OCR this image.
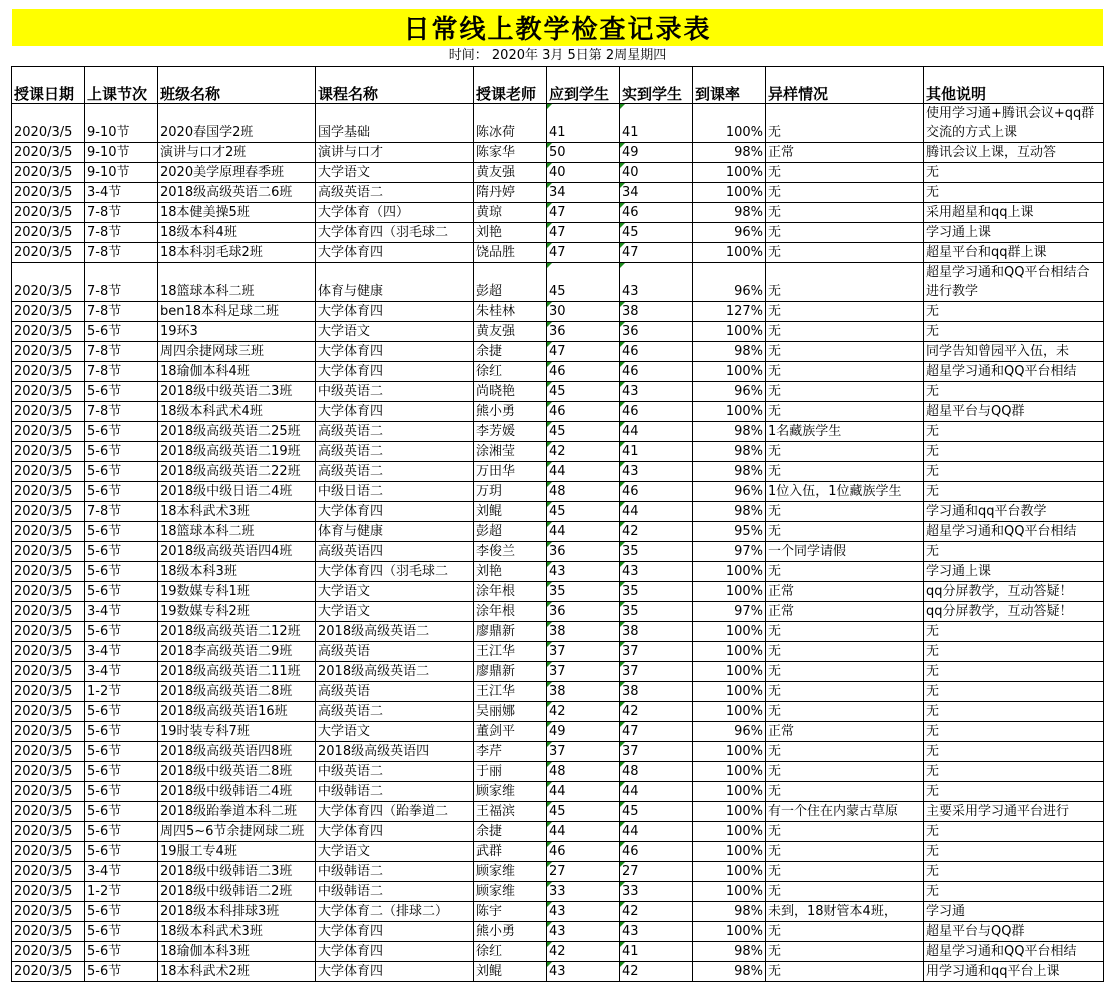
日常线上教学检查记录表
时间： 2020年 3月 5日第 2周星期四
授课日期	上课节次	班级名称	课程名称	授课老师	应到学生	实到学生	到课率	异样情况	其他说明
2020/3/5	9-10节	2020春国学2班	国学基础	陈冰荷	41	41	100%	无	使用学习通+腾讯会议+qq群交流的方式上课
2020/3/5	9-10节	演讲与口才2班	演讲与口才	陈家华	50	49	98%	正常	腾讯会议上课，互动答
2020/3/5	9-10节	2020美学原理春季班	大学语文	黄友强	40	40	100%	无	无
2020/3/5	3-4节	2018级高级英语二6班	高级英语二	隋丹婷	34	34	100%	无	无
2020/3/5	7-8节	18本健美操5班	大学体育（四）	黄琼	47	46	98%	无	采用超星和qq上课
2020/3/5	7-8节	18级本科4班	大学体育四（羽毛球二	刘艳	47	45	96%	无	学习通上课
2020/3/5	7-8节	18本科羽毛球2班	大学体育四	饶品胜	47	47	100%	无	超星平台和qq群上课
2020/3/5	7-8节	18篮球本科二班	体育与健康	彭超	45	43	96%	无	超星学习通和QQ平台相结合进行教学
2020/3/5	7-8节	ben18本科足球二班	大学体育四	朱桂林	30	38	127%	无	无
2020/3/5	5-6节	19环3	大学语文	黄友强	36	36	100%	无	无
2020/3/5	7-8节	周四余捷网球三班	大学体育四	余捷	47	46	98%	无	同学告知曾园平入伍，未
2020/3/5	7-8节	18瑜伽本科4班	大学体育四	徐红	46	46	100%	无	超星学习通和QQ平台相结
2020/3/5	5-6节	2018级中级英语二3班	中级英语二	尚晓艳	45	43	96%	无	无
2020/3/5	7-8节	18级本科武术4班	大学体育四	熊小勇	46	46	100%	无	超星平台与QQ群
2020/3/5	5-6节	2018级高级英语二25班	高级英语二	李芳媛	45	44	98%	1名藏族学生	无
2020/3/5	5-6节	2018级高级英语二19班	高级英语二	涂湘莹	42	41	98%	无	无
2020/3/5	5-6节	2018级高级英语二22班	高级英语二	万田华	44	43	98%	无	无
2020/3/5	5-6节	2018级中级日语二4班	中级日语二	万玥	48	46	96%	1位入伍，1位藏族学生	无
2020/3/5	7-8节	18本科武术3班	大学体育四	刘鲲	45	44	98%	无	学习通和qq平台教学
2020/3/5	5-6节	18篮球本科二班	体育与健康	彭超	44	42	95%	无	超星学习通和QQ平台相结
2020/3/5	5-6节	2018级高级英语四4班	高级英语四	李俊兰	36	35	97%	一个同学请假	无
2020/3/5	5-6节	18级本科3班	大学体育四（羽毛球二	刘艳	43	43	100%	无	学习通上课
2020/3/5	5-6节	19数媒专科1班	大学语文	涂年根	35	35	100%	正常	qq分屏教学，互动答疑！
2020/3/5	3-4节	19数媒专科2班	大学语文	涂年根	36	35	97%	正常	qq分屏教学，互动答疑！
2020/3/5	5-6节	2018级高级英语二12班	2018级高级英语二	廖鼎新	38	38	100%	无	无
2020/3/5	3-4节	2018李高级英语二9班	高级英语	王江华	37	37	100%	无	无
2020/3/5	3-4节	2018级高级英语二11班	2018级高级英语二	廖鼎新	37	37	100%	无	无
2020/3/5	1-2节	2018级高级英语二8班	高级英语	王江华	38	38	100%	无	无
2020/3/5	5-6节	2018级高级英语16班	高级英语二	吴丽娜	42	42	100%	无	无
2020/3/5	5-6节	19时装专科7班	大学语文	董剑平	49	47	96%	正常	无
2020/3/5	5-6节	2018级高级英语四8班	2018级高级英语四	李芹	37	37	100%	无	无
2020/3/5	5-6节	2018级中级英语二8班	中级英语二	于丽	48	48	100%	无	无
2020/3/5	5-6节	2018级中级韩语二4班	中级韩语二	顾家维	44	44	100%	无	无
2020/3/5	5-6节	2018级跆拳道本科二班	大学体育四（跆拳道二	王福滨	45	45	100%	有一个住在内蒙古草原	主要采用学习通平台进行
2020/3/5	5-6节	周四5~6节余捷网球二班	大学体育四	余捷	44	44	100%	无	无
2020/3/5	5-6节	19服工专4班	大学语文	武群	46	46	100%	无	无
2020/3/5	3-4节	2018级中级韩语二3班	中级韩语二	顾家维	27	27	100%	无	无
2020/3/5	1-2节	2018级中级韩语二2班	中级韩语二	顾家维	33	33	100%	无	无
2020/3/5	5-6节	2018级本科排球3班	大学体育二（排球二）	陈宇	43	42	98%	未到，18财管本4班，	学习通
2020/3/5	5-6节	18级本科武术3班	大学体育四	熊小勇	43	43	100%	无	超星平台与QQ群
2020/3/5	5-6节	18瑜伽本科3班	大学体育四	徐红	42	41	98%	无	超星学习通和QQ平台相结
2020/3/5	5-6节	18本科武术2班	大学体育四	刘鲲	43	42	98%	无	用学习通和qq平台上课
